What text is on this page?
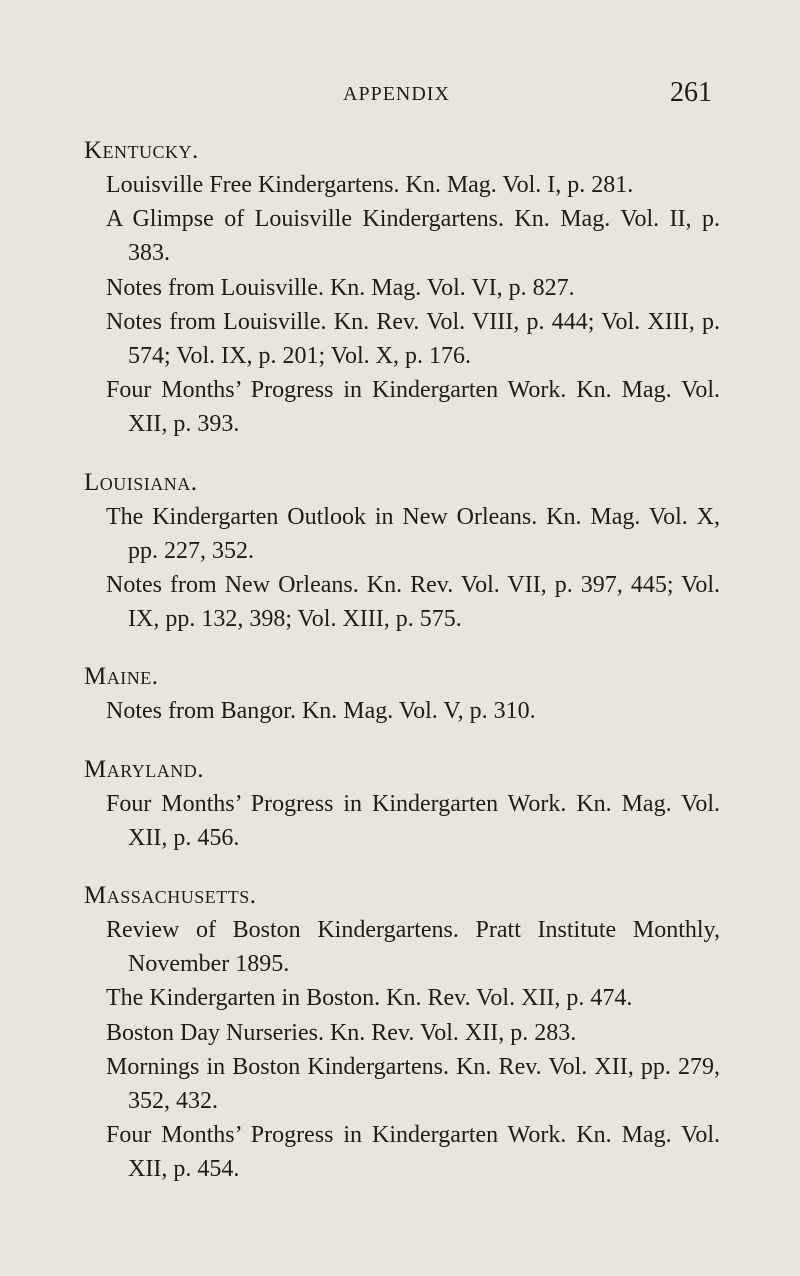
APPENDIX	261
Kentucky.
Louisville Free Kindergartens. Kn. Mag. Vol. I, p. 281.
A Glimpse of Louisville Kindergartens. Kn. Mag. Vol. II, p. 383.
Notes from Louisville. Kn. Mag. Vol. VI, p. 827.
Notes from Louisville. Kn. Rev. Vol. VIII, p. 444; Vol. XIII, p. 574; Vol. IX, p. 201; Vol. X, p. 176.
Four Months’ Progress in Kindergarten Work. Kn. Mag. Vol. XII, p. 393.
Louisiana.
The Kindergarten Outlook in New Orleans. Kn. Mag. Vol. X, pp. 227, 352.
Notes from New Orleans. Kn. Rev. Vol. VII, p. 397, 445; Vol. IX, pp. 132, 398; Vol. XIII, p. 575.
Maine.
Notes from Bangor. Kn. Mag. Vol. V, p. 310.
Maryland.
Four Months’ Progress in Kindergarten Work. Kn. Mag. Vol. XII, p. 456.
Massachusetts.
Review of Boston Kindergartens. Pratt Institute Monthly, November 1895.
The Kindergarten in Boston. Kn. Rev. Vol. XII, p. 474.
Boston Day Nurseries. Kn. Rev. Vol. XII, p. 283.
Mornings in Boston Kindergartens. Kn. Rev. Vol. XII, pp. 279, 352, 432.
Four Months’ Progress in Kindergarten Work. Kn. Mag. Vol. XII, p. 454.
